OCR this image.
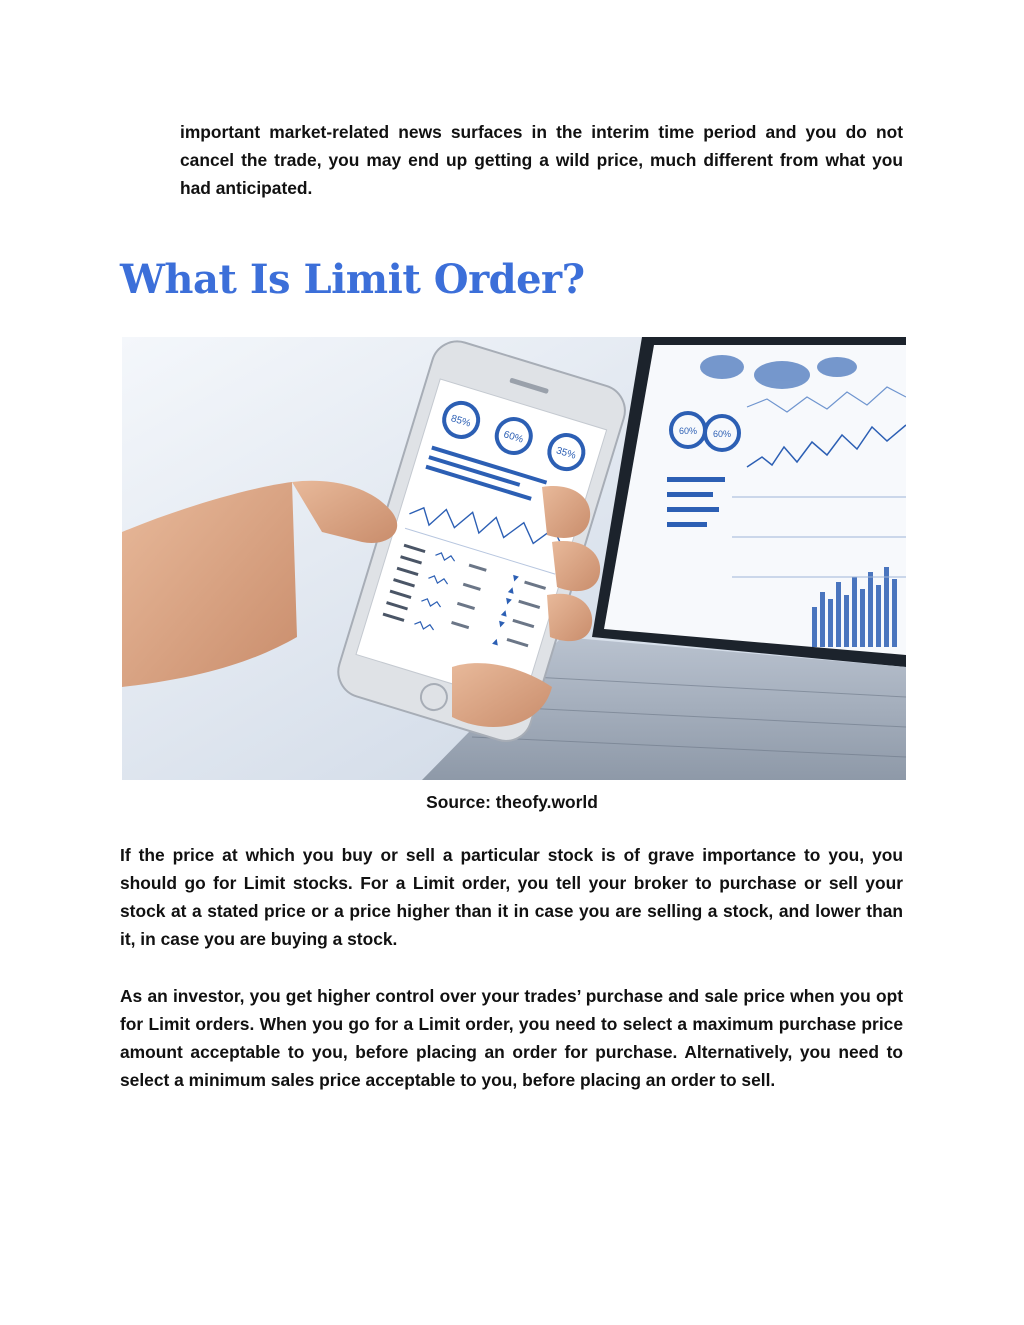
important market-related news surfaces in the interim time period and you do not cancel the trade, you may end up getting a wild price, much different from what you had anticipated.

What Is Limit Order?
60% 60%
85%
60%
35%
Source: theofy.world

If the price at which you buy or sell a particular stock is of grave importance to you, you should go for Limit stocks. For a Limit order, you tell your broker to purchase or sell your stock at a stated price or a price higher than it in case you are selling a stock, and lower than it, in case you are buying a stock.

As an investor, you get higher control over your trades’ purchase and sale price when you opt for Limit orders. When you go for a Limit order, you need to select a maximum purchase price amount acceptable to you, before placing an order for purchase. Alternatively, you need to select a minimum sales price acceptable to you, before placing an order to sell.
